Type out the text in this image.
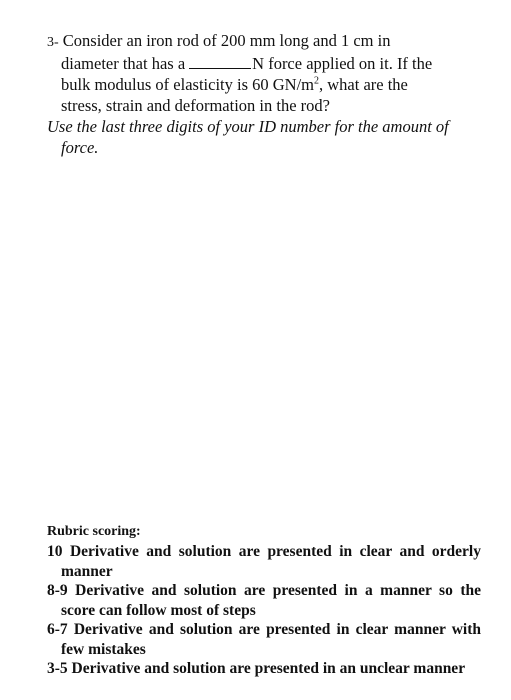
3- Consider an iron rod of 200 mm long and 1 cm in
diameter that has a	N force applied on it. If the
bulk modulus of elasticity is 60 $GN/m^2$, what are the
stress, strain and deformation in the rod?
Use the last three digits of your ID number for the amount of
force.
Rubric scoring:
10 Derivative and solution are presented in clear and orderly manner
8-9 Derivative and solution are presented in a manner so the score can follow most of steps
6-7 Derivative and solution are presented in clear manner with few mistakes
3-5 Derivative and solution are presented in an unclear manner
